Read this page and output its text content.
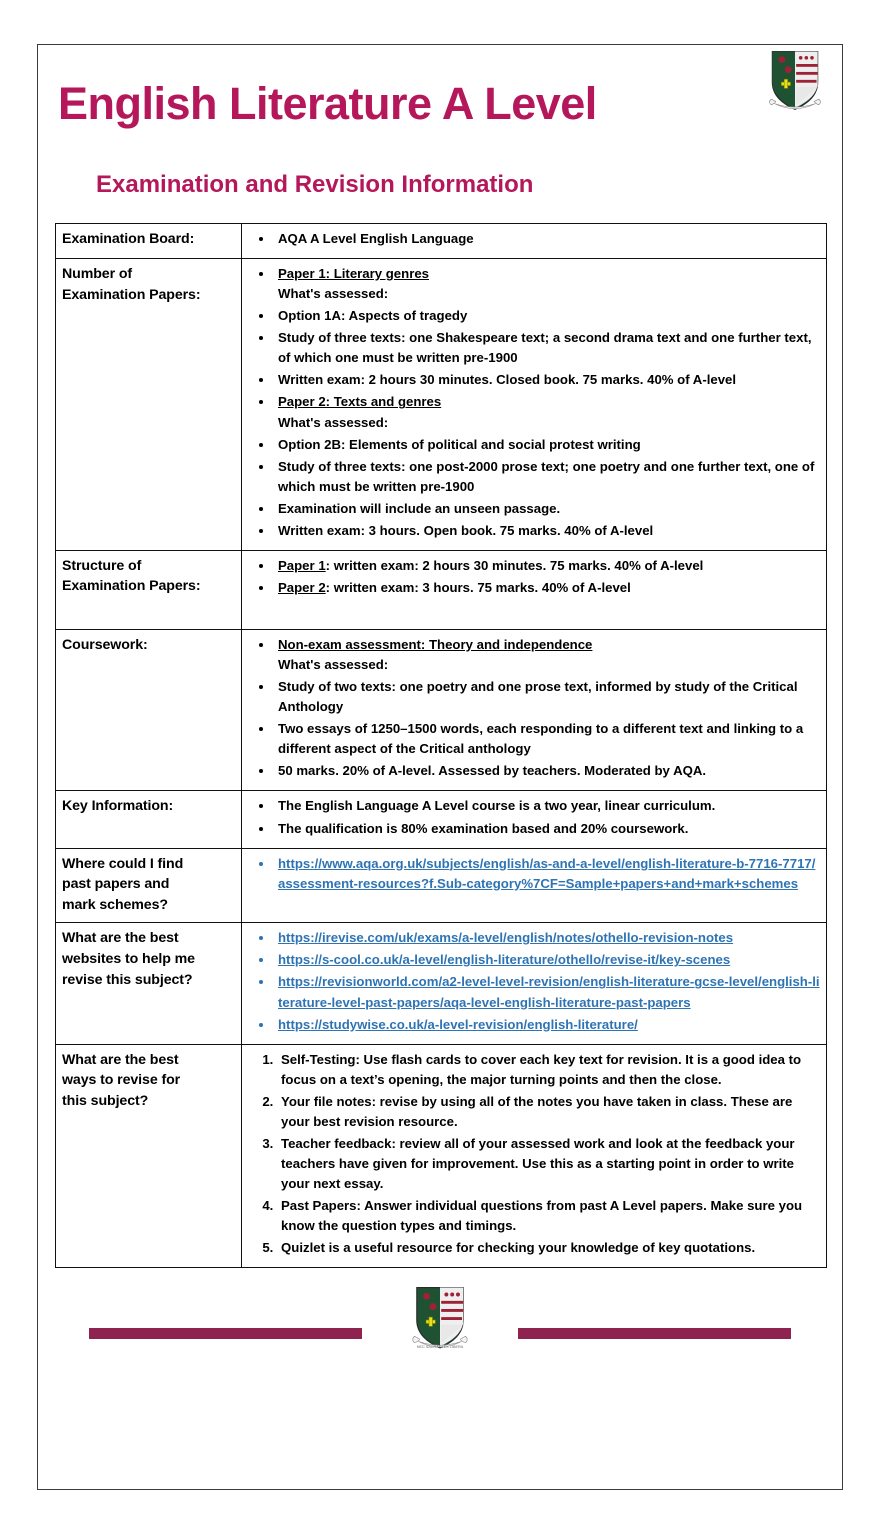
English Literature A Level
Examination and Revision Information
Examination Board:	
•AQA A Level English Language

Number of
Examination Papers:	
• Paper 1: Literary genres
What's assessed:
• Option 1A: Aspects of tragedy
• Study of three texts: one Shakespeare text; a second drama text and one further text, of which one must be written pre-1900
• Written exam: 2 hours 30 minutes. Closed book. 75 marks. 40% of A-level
• Paper 2: Texts and genres
What's assessed:
• Option 2B: Elements of political and social protest writing
• Study of three texts: one post-2000 prose text; one poetry and one further text, one of which must be written pre-1900
• Examination will include an unseen passage.
• Written exam: 3 hours. Open book. 75 marks. 40% of A-level

Structure of
Examination Papers:	
• Paper 1: written exam: 2 hours 30 minutes. 75 marks. 40% of A-level
• Paper 2: written exam: 3 hours. 75 marks. 40% of A-level

Coursework:	
•Non-exam assessment: Theory and independence
What's assessed:
• Study of two texts: one poetry and one prose text, informed by study of the Critical Anthology
• Two essays of 1250–1500 words, each responding to a different text and linking to a different aspect of the Critical anthology
• 50 marks. 20% of A-level. Assessed by teachers. Moderated by AQA.

Key Information:	
•The English Language A Level course is a two year, linear curriculum.
• The qualification is 80% examination based and 20% coursework.

Where could I find
past papers and
mark schemes?	
• https://www.aqa.org.uk/subjects/english/as-and-a-level/english-literature-b-7716-7717/assessment-resources?f.Sub-category%7CF=Sample+papers+and+mark+schemes

What are the best
websites to help me
revise this subject?	
• https://irevise.com/uk/exams/a-level/english/notes/othello-revision-notes
• https://s-cool.co.uk/a-level/english-literature/othello/revise-it/key-scenes
• https://revisionworld.com/a2-level-level-revision/english-literature-gcse-level/english-literature-level-past-papers/aqa-level-english-literature-past-papers
• https://studywise.co.uk/a-level-revision/english-literature/

What are the best
ways to revise for
this subject?	
1. Self-Testing: Use flash cards to cover each key text for revision. It is a good idea to focus on a text’s opening, the major turning points and then the close.
2. Your file notes: revise by using all of the notes you have taken in class. These are your best revision resource.
3. Teacher feedback: review all of your assessed work and look at the feedback your teachers have given for improvement. Use this as a starting point in order to write your next essay.
4. Past Papers: Answer individual questions from past A Level papers. Make sure you know the question types and timings.
5. Quizlet is a useful resource for checking your knowledge of key quotations.
NEC SACRAT LEX LIBERA
